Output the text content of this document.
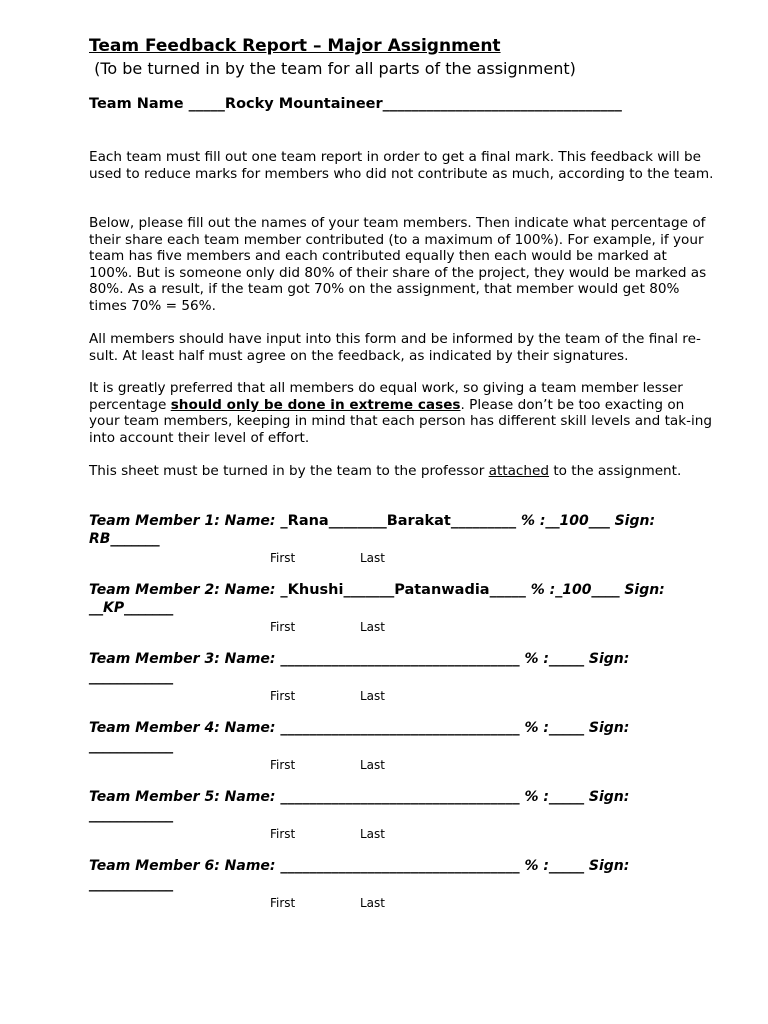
Team Feedback Report – Major Assignment

(To be turned in by the team for all parts of the assignment)

Team Name _____Rocky Mountaineer_________________________________

Each team must fill out one team report in order to get a final mark. This feedback will be used to reduce marks for members who did not contribute as much, according to the team.

Below, please fill out the names of your team members. Then indicate what percentage of their share each team member contributed (to a maximum of 100%). For example, if your team has five members and each contributed equally then each would be marked at 100%. But is someone only did 80% of their share of the project, they would be marked as 80%. As a result, if the team got 70% on the assignment, that member would get 80% times 70% = 56%.

All members should have input into this form and be informed by the team of the final re-sult. At least half must agree on the feedback, as indicated by their signatures.

It is greatly preferred that all members do equal work, so giving a team member lesser percentage should only be done in extreme cases. Please don’t be too exacting on your team members, keeping in mind that each person has different skill levels and tak-ing into account their level of effort.

This sheet must be turned in by the team to the professor attached to the assignment.

Team Member 1: Name: _Rana________Barakat_________ % :__100___ Sign: RB_______

First	Last

Team Member 2: Name: _Khushi_______Patanwadia_____ % :_100____ Sign: __KP_______

First	Last

Team Member 3: Name: _________________________________ % :_____ Sign: ____________

First	Last

Team Member 4: Name: _________________________________ % :_____ Sign: ____________

First	Last

Team Member 5: Name: _________________________________ % :_____ Sign: ____________

First	Last

Team Member 6: Name: _________________________________ % :_____ Sign: ____________

First	Last
